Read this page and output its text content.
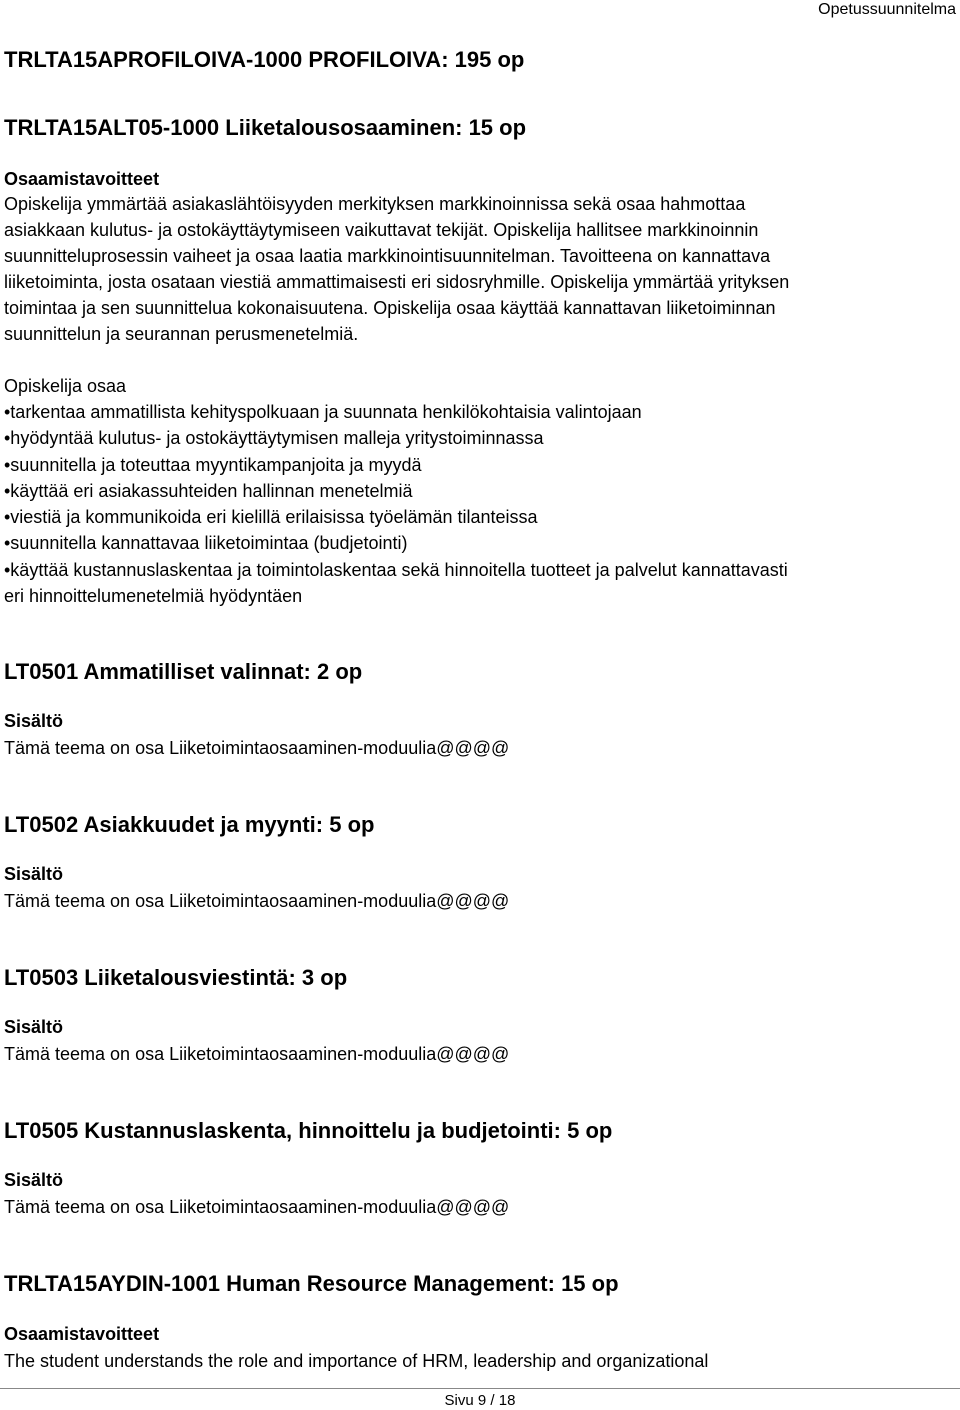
Opetussuunnitelma
TRLTA15APROFILOIVA-1000 PROFILOIVA: 195 op
TRLTA15ALT05-1000 Liiketalousosaaminen: 15 op
Osaamistavoitteet
Opiskelija ymmärtää asiakaslähtöisyyden merkityksen markkinoinnissa sekä osaa hahmottaa
asiakkaan kulutus- ja ostokäyttäytymiseen vaikuttavat tekijät. Opiskelija hallitsee markkinoinnin
suunnitteluprosessin vaiheet ja osaa laatia markkinointisuunnitelman. Tavoitteena on kannattava
liiketoiminta, josta osataan viestiä ammattimaisesti eri sidosryhmille. Opiskelija ymmärtää yrityksen
toimintaa ja sen suunnittelua kokonaisuutena. Opiskelija osaa käyttää kannattavan liiketoiminnan
suunnittelun ja seurannan perusmenetelmiä.
Opiskelija osaa
•tarkentaa ammatillista kehityspolkuaan ja suunnata henkilökohtaisia valintojaan
•hyödyntää kulutus- ja ostokäyttäytymisen malleja yritystoiminnassa
•suunnitella ja toteuttaa myyntikampanjoita ja myydä
•käyttää eri asiakassuhteiden hallinnan menetelmiä
•viestiä ja kommunikoida eri kielillä erilaisissa työelämän tilanteissa
•suunnitella kannattavaa liiketoimintaa (budjetointi)
•käyttää kustannuslaskentaa ja toimintolaskentaa sekä hinnoitella tuotteet ja palvelut kannattavasti
eri hinnoittelumenetelmiä hyödyntäen
LT0501 Ammatilliset valinnat: 2 op
Sisältö
Tämä teema on osa Liiketoimintaosaaminen-moduulia@@@@
LT0502 Asiakkuudet ja myynti: 5 op
Sisältö
Tämä teema on osa Liiketoimintaosaaminen-moduulia@@@@
LT0503 Liiketalousviestintä: 3 op
Sisältö
Tämä teema on osa Liiketoimintaosaaminen-moduulia@@@@
LT0505 Kustannuslaskenta, hinnoittelu ja budjetointi: 5 op
Sisältö
Tämä teema on osa Liiketoimintaosaaminen-moduulia@@@@
TRLTA15AYDIN-1001 Human Resource Management: 15 op
Osaamistavoitteet
The student understands the role and importance of HRM, leadership and organizational
Sivu 9 / 18
